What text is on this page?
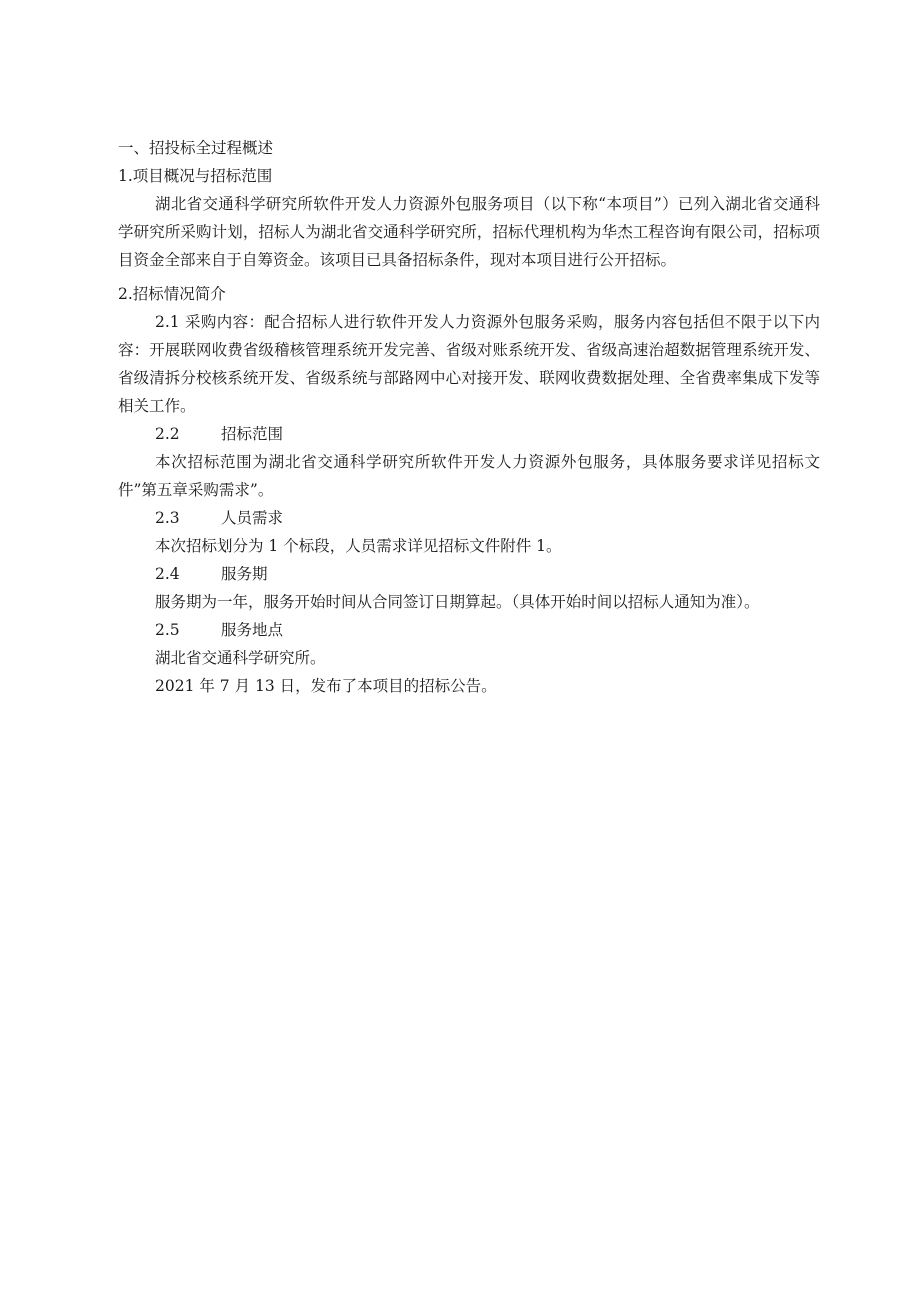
一、招投标全过程概述

1.项目概况与招标范围

湖北省交通科学研究所软件开发人力资源外包服务项目（以下称“本项目”）已列入湖北省交通科学研究所采购计划，招标人为湖北省交通科学研究所，招标代理机构为华杰工程咨询有限公司，招标项目资金全部来自于自筹资金。该项目已具备招标条件，现对本项目进行公开招标。

2.招标情况简介

2.1 采购内容：配合招标人进行软件开发人力资源外包服务采购，服务内容包括但不限于以下内容：开展联网收费省级稽核管理系统开发完善、省级对账系统开发、省级高速治超数据管理系统开发、省级清拆分校核系统开发、省级系统与部路网中心对接开发、联网收费数据处理、全省费率集成下发等相关工作。

2.2	招标范围

本次招标范围为湖北省交通科学研究所软件开发人力资源外包服务，具体服务要求详见招标文件”第五章采购需求”。

2.3	人员需求

本次招标划分为 1 个标段，人员需求详见招标文件附件 1。

2.4	服务期

服务期为一年，服务开始时间从合同签订日期算起。（具体开始时间以招标人通知为准）。

2.5	服务地点

湖北省交通科学研究所。

2021 年 7 月 13 日，发布了本项目的招标公告。
